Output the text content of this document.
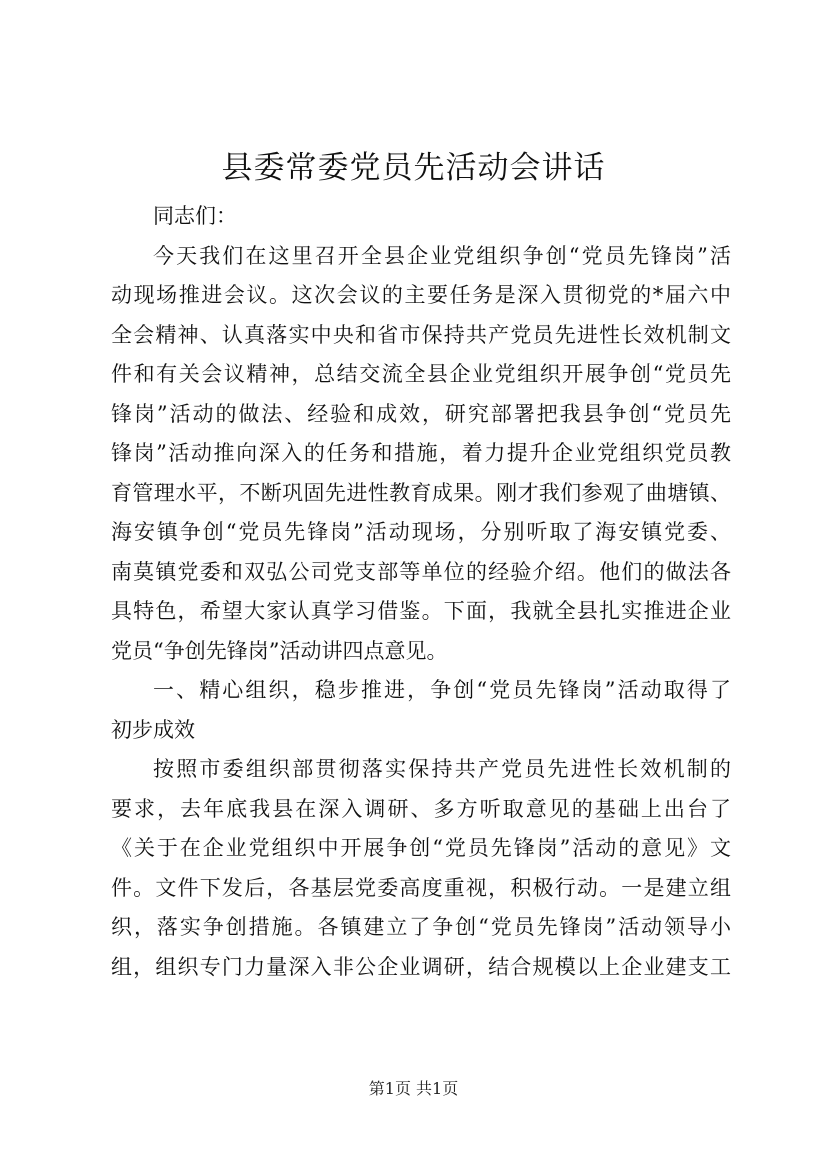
县委常委党员先活动会讲话
同志们：
今天我们在这里召开全县企业党组织争创“党员先锋岗”活
动现场推进会议。这次会议的主要任务是深入贯彻党的*届六中
全会精神、认真落实中央和省市保持共产党员先进性长效机制文
件和有关会议精神，总结交流全县企业党组织开展争创“党员先
锋岗”活动的做法、经验和成效，研究部署把我县争创“党员先
锋岗”活动推向深入的任务和措施，着力提升企业党组织党员教
育管理水平，不断巩固先进性教育成果。刚才我们参观了曲塘镇、
海安镇争创“党员先锋岗”活动现场，分别听取了海安镇党委、
南莫镇党委和双弘公司党支部等单位的经验介绍。他们的做法各
具特色，希望大家认真学习借鉴。下面，我就全县扎实推进企业
党员“争创先锋岗”活动讲四点意见。
一、精心组织，稳步推进，争创“党员先锋岗”活动取得了
初步成效
按照市委组织部贯彻落实保持共产党员先进性长效机制的
要求，去年底我县在深入调研、多方听取意见的基础上出台了
《关于在企业党组织中开展争创“党员先锋岗”活动的意见》文
件。文件下发后，各基层党委高度重视，积极行动。一是建立组
织，落实争创措施。各镇建立了争创“党员先锋岗”活动领导小
组，组织专门力量深入非公企业调研，结合规模以上企业建支工
第1页 共1页
